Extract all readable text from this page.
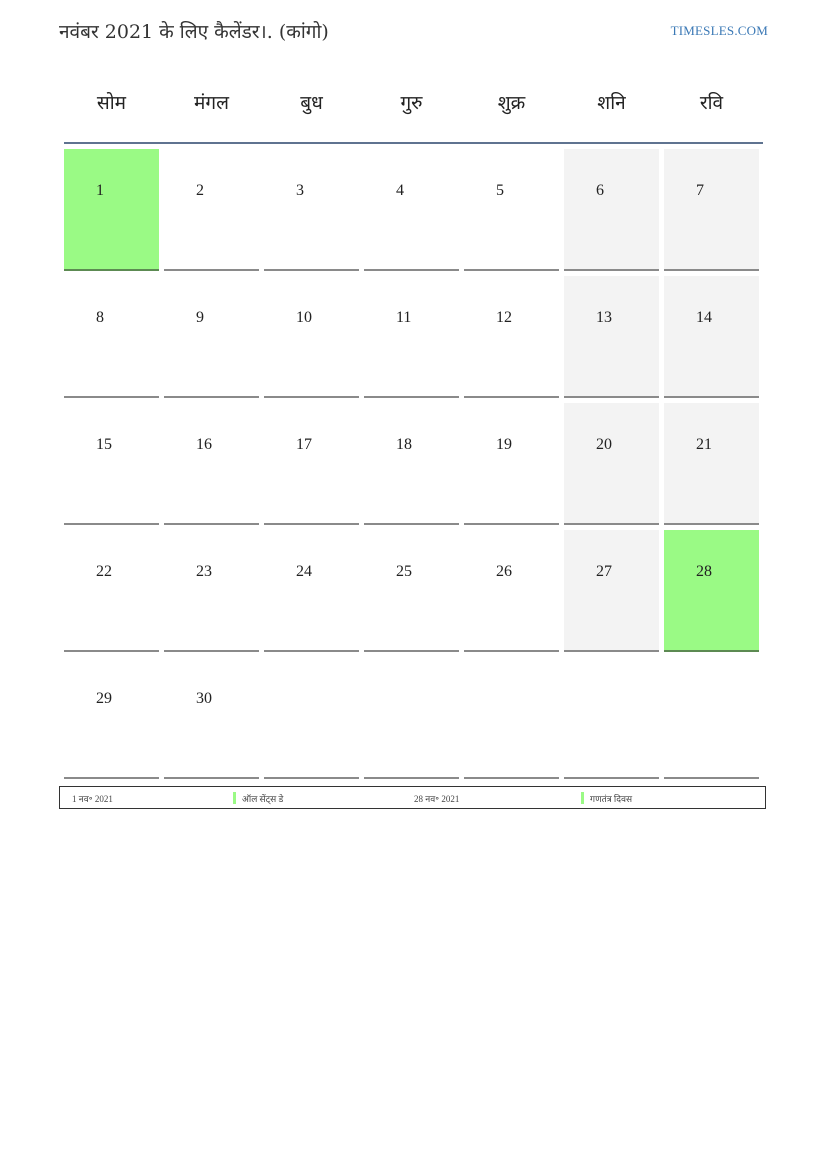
नवंबर 2021 के लिए कैलेंडर।. (कांगो)	TIMESLES.COM
सोम	मंगल	बुध	गुरु	शुक्र	शनि	रवि
1	2	3	4	5	6	7
8	9	10	11	12	13	14
15	16	17	18	19	20	21
22	23	24	25	26	27	28
29	30
1 नव॰ 2021	ऑल सेंट्स डे	28 नव॰ 2021	गणतंत्र दिवस
